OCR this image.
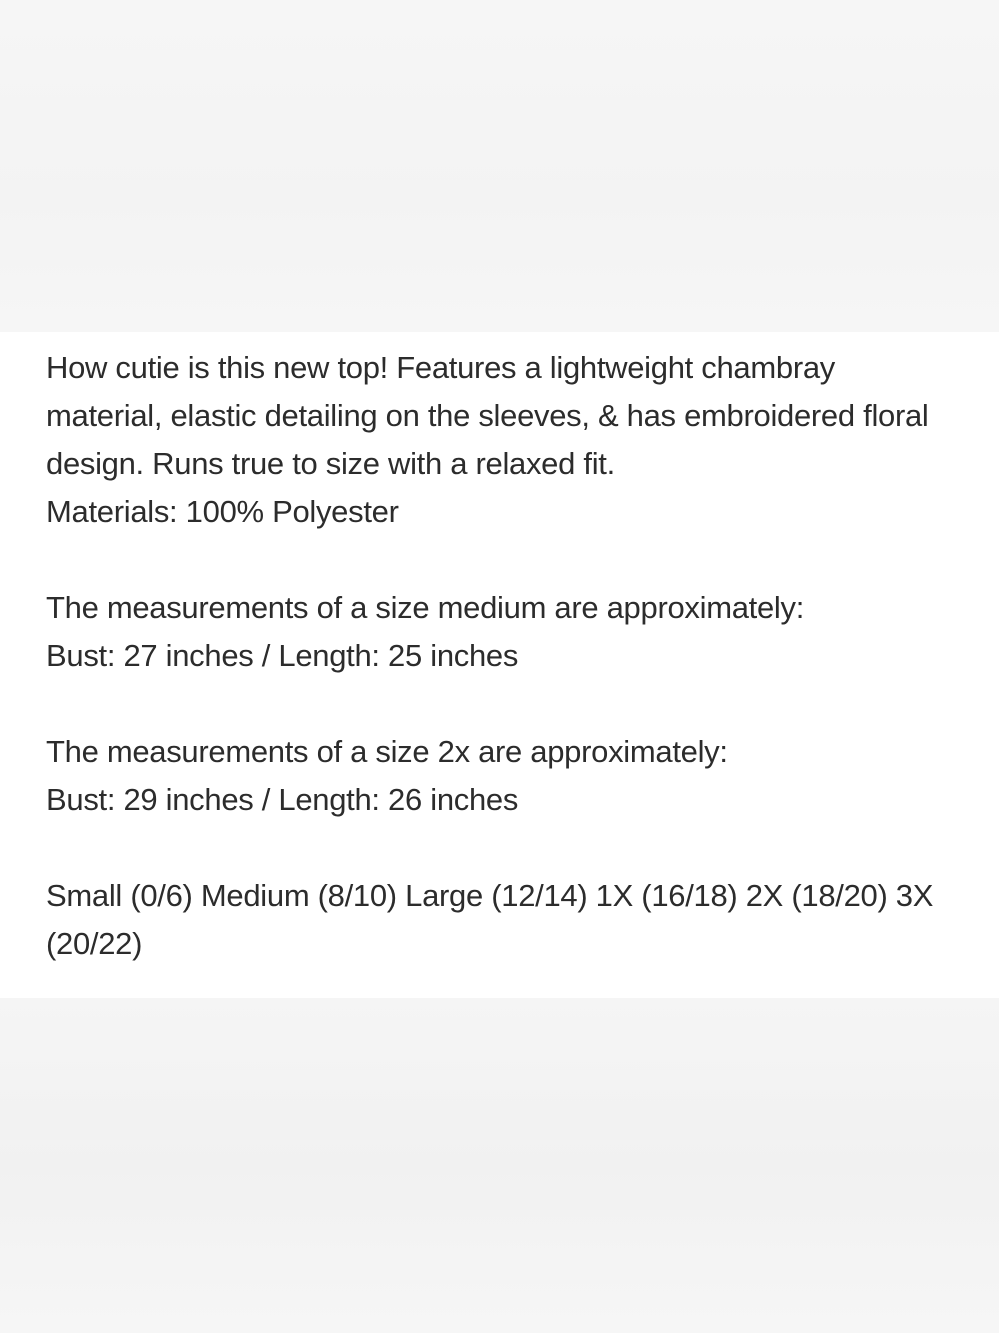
How cutie is this new top! Features a lightweight chambray material, elastic detailing on the sleeves, & has embroidered floral design. Runs true to size with a relaxed fit.

Materials: 100% Polyester

The measurements of a size medium are approximately:

Bust: 27 inches / Length: 25 inches

The measurements of a size 2x are approximately:

Bust: 29 inches / Length: 26 inches

Small (0/6) Medium (8/10) Large (12/14) 1X (16/18) 2X (18/20) 3X (20/22)
